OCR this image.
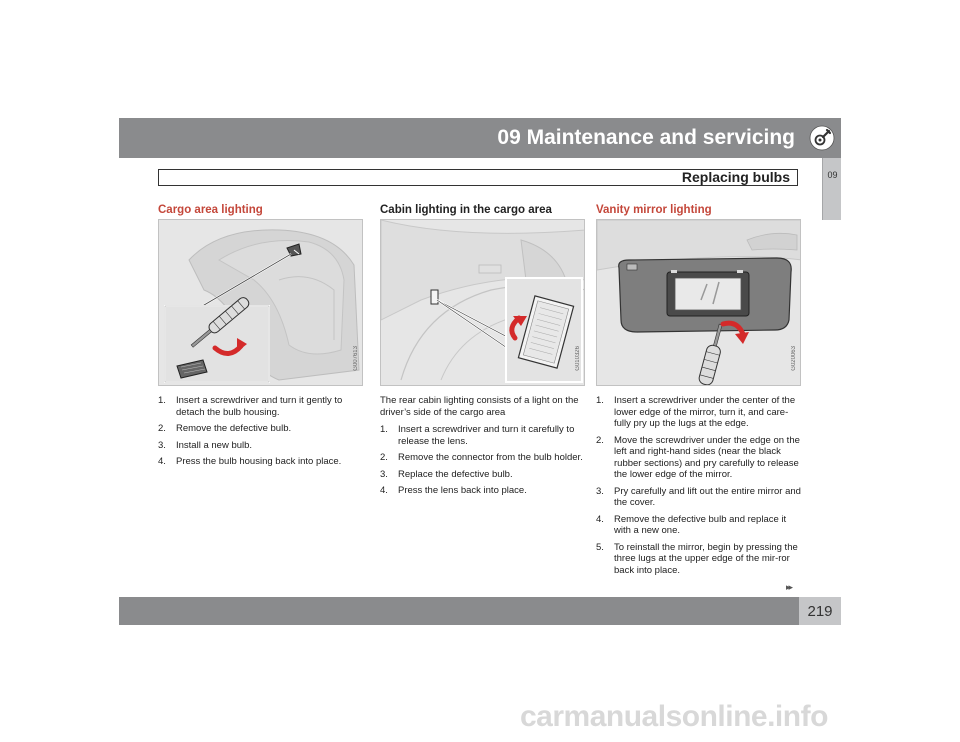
09 Maintenance and servicing
Replacing bulbs	09
Cargo area lighting
G007613
1. Insert a screwdriver and turn it gently to detach the bulb housing.
2. Remove the defective bulb.
3. Install a new bulb.
4. Press the bulb housing back into place.
Cabin lighting in the cargo area
G010326

The rear cabin lighting consists of a light on the driver’s side of the cargo area

1. Insert a screwdriver and turn it carefully to release the lens.
2. Remove the connector from the bulb holder.
3. Replace the defective bulb.
4. Press the lens back into place.
Vanity mirror lighting
G020063
1. Insert a screwdriver under the center of the lower edge of the mirror, turn it, and care-fully pry up the lugs at the edge.
2. Move the screwdriver under the edge on the left and right-hand sides (near the black rubber sections) and pry carefully to release the lower edge of the mirror.
3. Pry carefully and lift out the entire mirror and the cover.
4. Remove the defective bulb and replace it with a new one.
5. To reinstall the mirror, begin by pressing the three lugs at the upper edge of the mir-ror back into place.
▸▸
219
carmanualsonline.info
